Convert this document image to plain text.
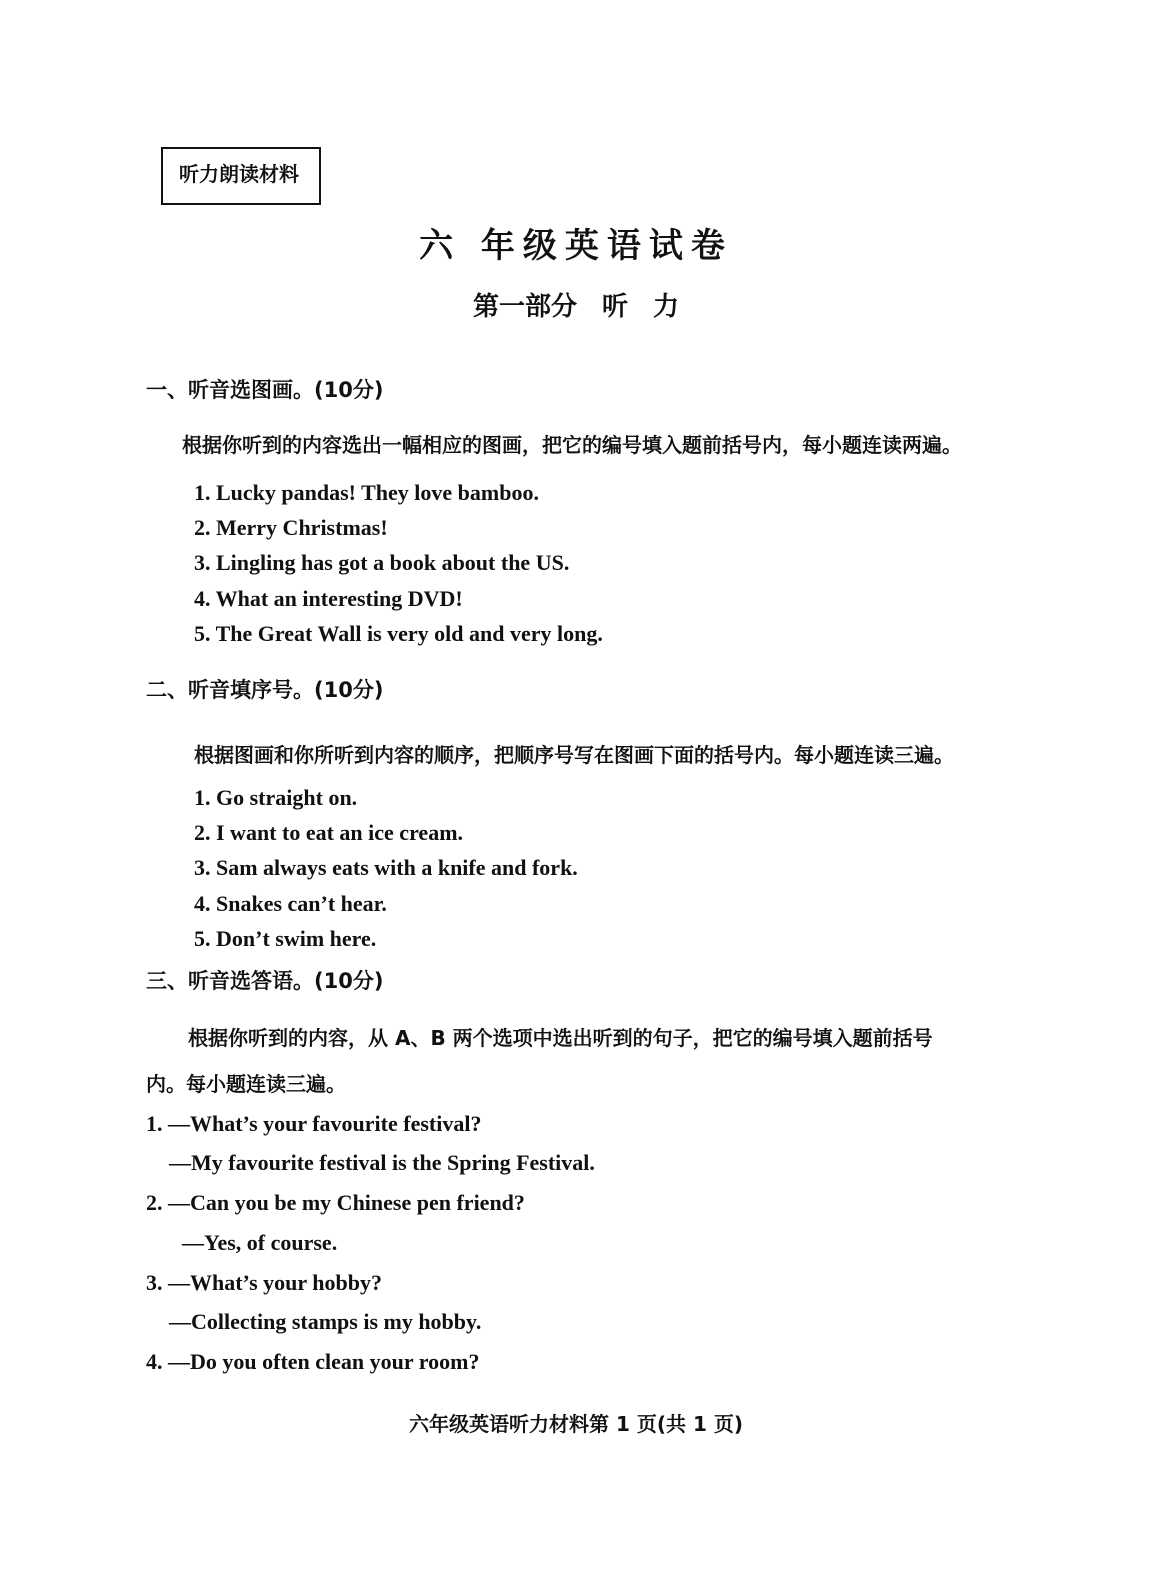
听力朗读材料
六 年级英语试卷
第一部分 听 力
一、听音选图画。(10分)
根据你听到的内容选出一幅相应的图画，把它的编号填入题前括号内，每小题连读两遍。
1. Lucky pandas! They love bamboo.
2. Merry Christmas!
3. Lingling has got a book about the US.
4. What an interesting DVD!
5. The Great Wall is very old and very long.
二、听音填序号。(10分)
根据图画和你所听到内容的顺序，把顺序号写在图画下面的括号内。每小题连读三遍。
1. Go straight on.
2. I want to eat an ice cream.
3. Sam always eats with a knife and fork.
4. Snakes can’t hear.
5. Don’t swim here.
三、听音选答语。(10分)
根据你听到的内容，从 A、B 两个选项中选出听到的句子，把它的编号填入题前括号
内。每小题连读三遍。
1. —What’s your favourite festival?
—My favourite festival is the Spring Festival.
2. —Can you be my Chinese pen friend?
—Yes, of course.
3. —What’s your hobby?
—Collecting stamps is my hobby.
4. —Do you often clean your room?
六年级英语听力材料第 1 页(共 1 页)
